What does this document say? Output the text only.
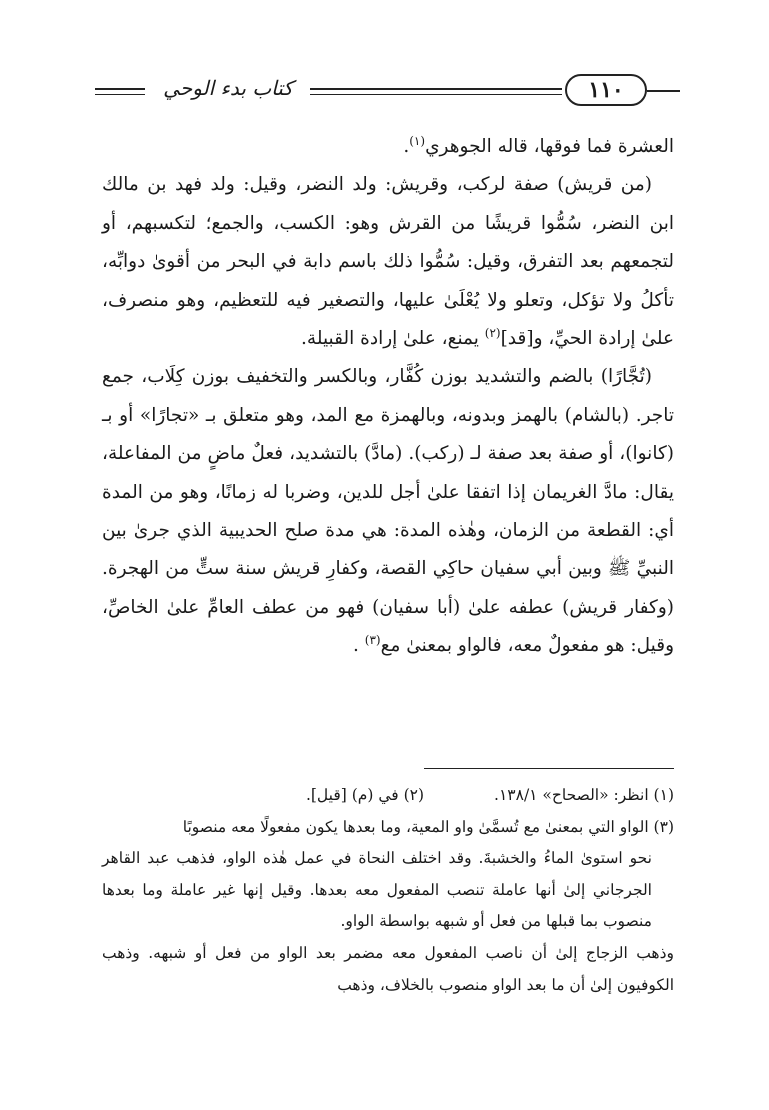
كتاب بدء الوحي	١١٠

العشرة فما فوقها، قاله الجوهري$^{(١)}$.

(من قريش) صفة لركب، وقريش: ولد النضر، وقيل: ولد فهد بن مالك ابن النضر، سُمُّوا قريشًا من القرش وهو: الكسب، والجمع؛ لتكسبهم، أو لتجمعهم بعد التفرق، وقيل: سُمُّوا ذلك باسم دابة في البحر من أقوىٰ دوابِّه، تأكلُ ولا تؤكل، وتعلو ولا يُعْلَىٰ عليها، والتصغير فيه للتعظيم، وهو منصرف، علىٰ إرادة الحيِّ، و[قد]$^{(٢)}$ يمنع، علىٰ إرادة القبيلة.

(تُجَّارًا) بالضم والتشديد بوزن كُفَّار، وبالكسر والتخفيف بوزن كِلَاب، جمع تاجر. (بالشام) بالهمز وبدونه، وبالهمزة مع المد، وهو متعلق بـ «تجارًا» أو بـ (كانوا)، أو صفة بعد صفة لـ (ركب). (مادَّ) بالتشديد، فعلٌ ماضٍ من المفاعلة، يقال: مادَّ الغريمان إذا اتفقا علىٰ أجل للدين، وضربا له زمانًا، وهو من المدة أي: القطعة من الزمان، وهٰذه المدة: هي مدة صلح الحديبية الذي جرىٰ بين النبيِّ ﷺ وبين أبي سفيان حاكِي القصة، وكفارِ قريش سنة ستٍّ من الهجرة. (وكفار قريش) عطفه علىٰ (أبا سفيان) فهو من عطف العامِّ علىٰ الخاصِّ، وقيل: هو مفعولٌ معه، فالواو بمعنىٰ مع$^{(٣)}$ .

(١) انظر: «الصحاح» ١٣٨/١.
(٢) في (م) [قيل].

(٣) الواو التي بمعنىٰ مع تُسمَّىٰ واو المعية، وما بعدها يكون مفعولًا معه منصوبًا

نحو استوىٰ الماءُ والخشبةَ. وقد اختلف النحاة في عمل هٰذه الواو، فذهب عبد القاهر الجرجاني إلىٰ أنها عاملة تنصب المفعول معه بعدها. وقيل إنها غير عاملة وما بعدها منصوب بما قبلها من فعل أو شبهه بواسطة الواو.

وذهب الزجاج إلىٰ أن ناصب المفعول معه مضمر بعد الواو من فعل أو شبهه. وذهب الكوفيون إلىٰ أن ما بعد الواو منصوب بالخلاف، وذهب
